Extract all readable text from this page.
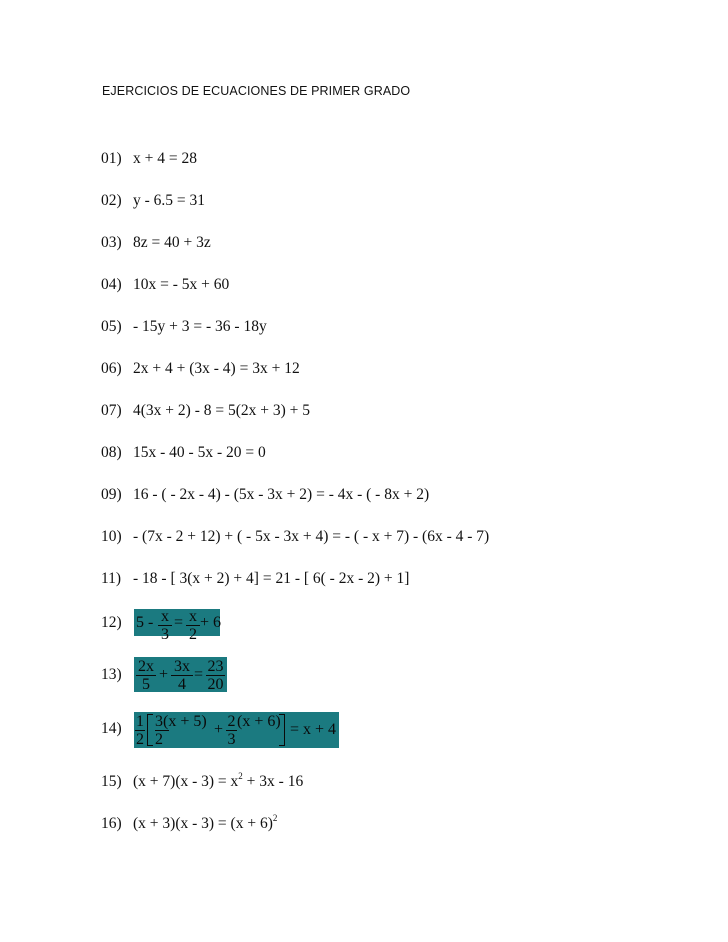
EJERCICIOS DE ECUACIONES DE PRIMER GRADO
01) x + 4 = 28
02) y - 6.5 = 31
03) 8z = 40 + 3z
04) 10x = - 5x + 60
05) - 15y + 3 = - 36 - 18y
06) 2x + 4 + (3x - 4) = 3x + 12
07) 4(3x + 2) - 8 = 5(2x + 3) + 5
08) 15x - 40 - 5x - 20 = 0
09) 16 - ( - 2x - 4) - (5x - 3x + 2) = - 4x - ( - 8x + 2)
10) - (7x - 2 + 12) + ( - 5x - 3x + 4) = - ( - x + 7) - (6x - 4 - 7)
11) - 18 - [ 3(x + 2) + 4] = 21 - [ 6( - 2x - 2) + 1]
12) 5 - x
3
= x
2
+ 6
13)	2x
5
+ 3x
4
= 23
20
14) 1
2
3(x + 5)
2
+ 2
3
(x + 6) = x + 4
15) $(x + 7)(x - 3) = x^2 + 3x - 16$
16) $(x + 3)(x - 3) = (x + 6)^2$
